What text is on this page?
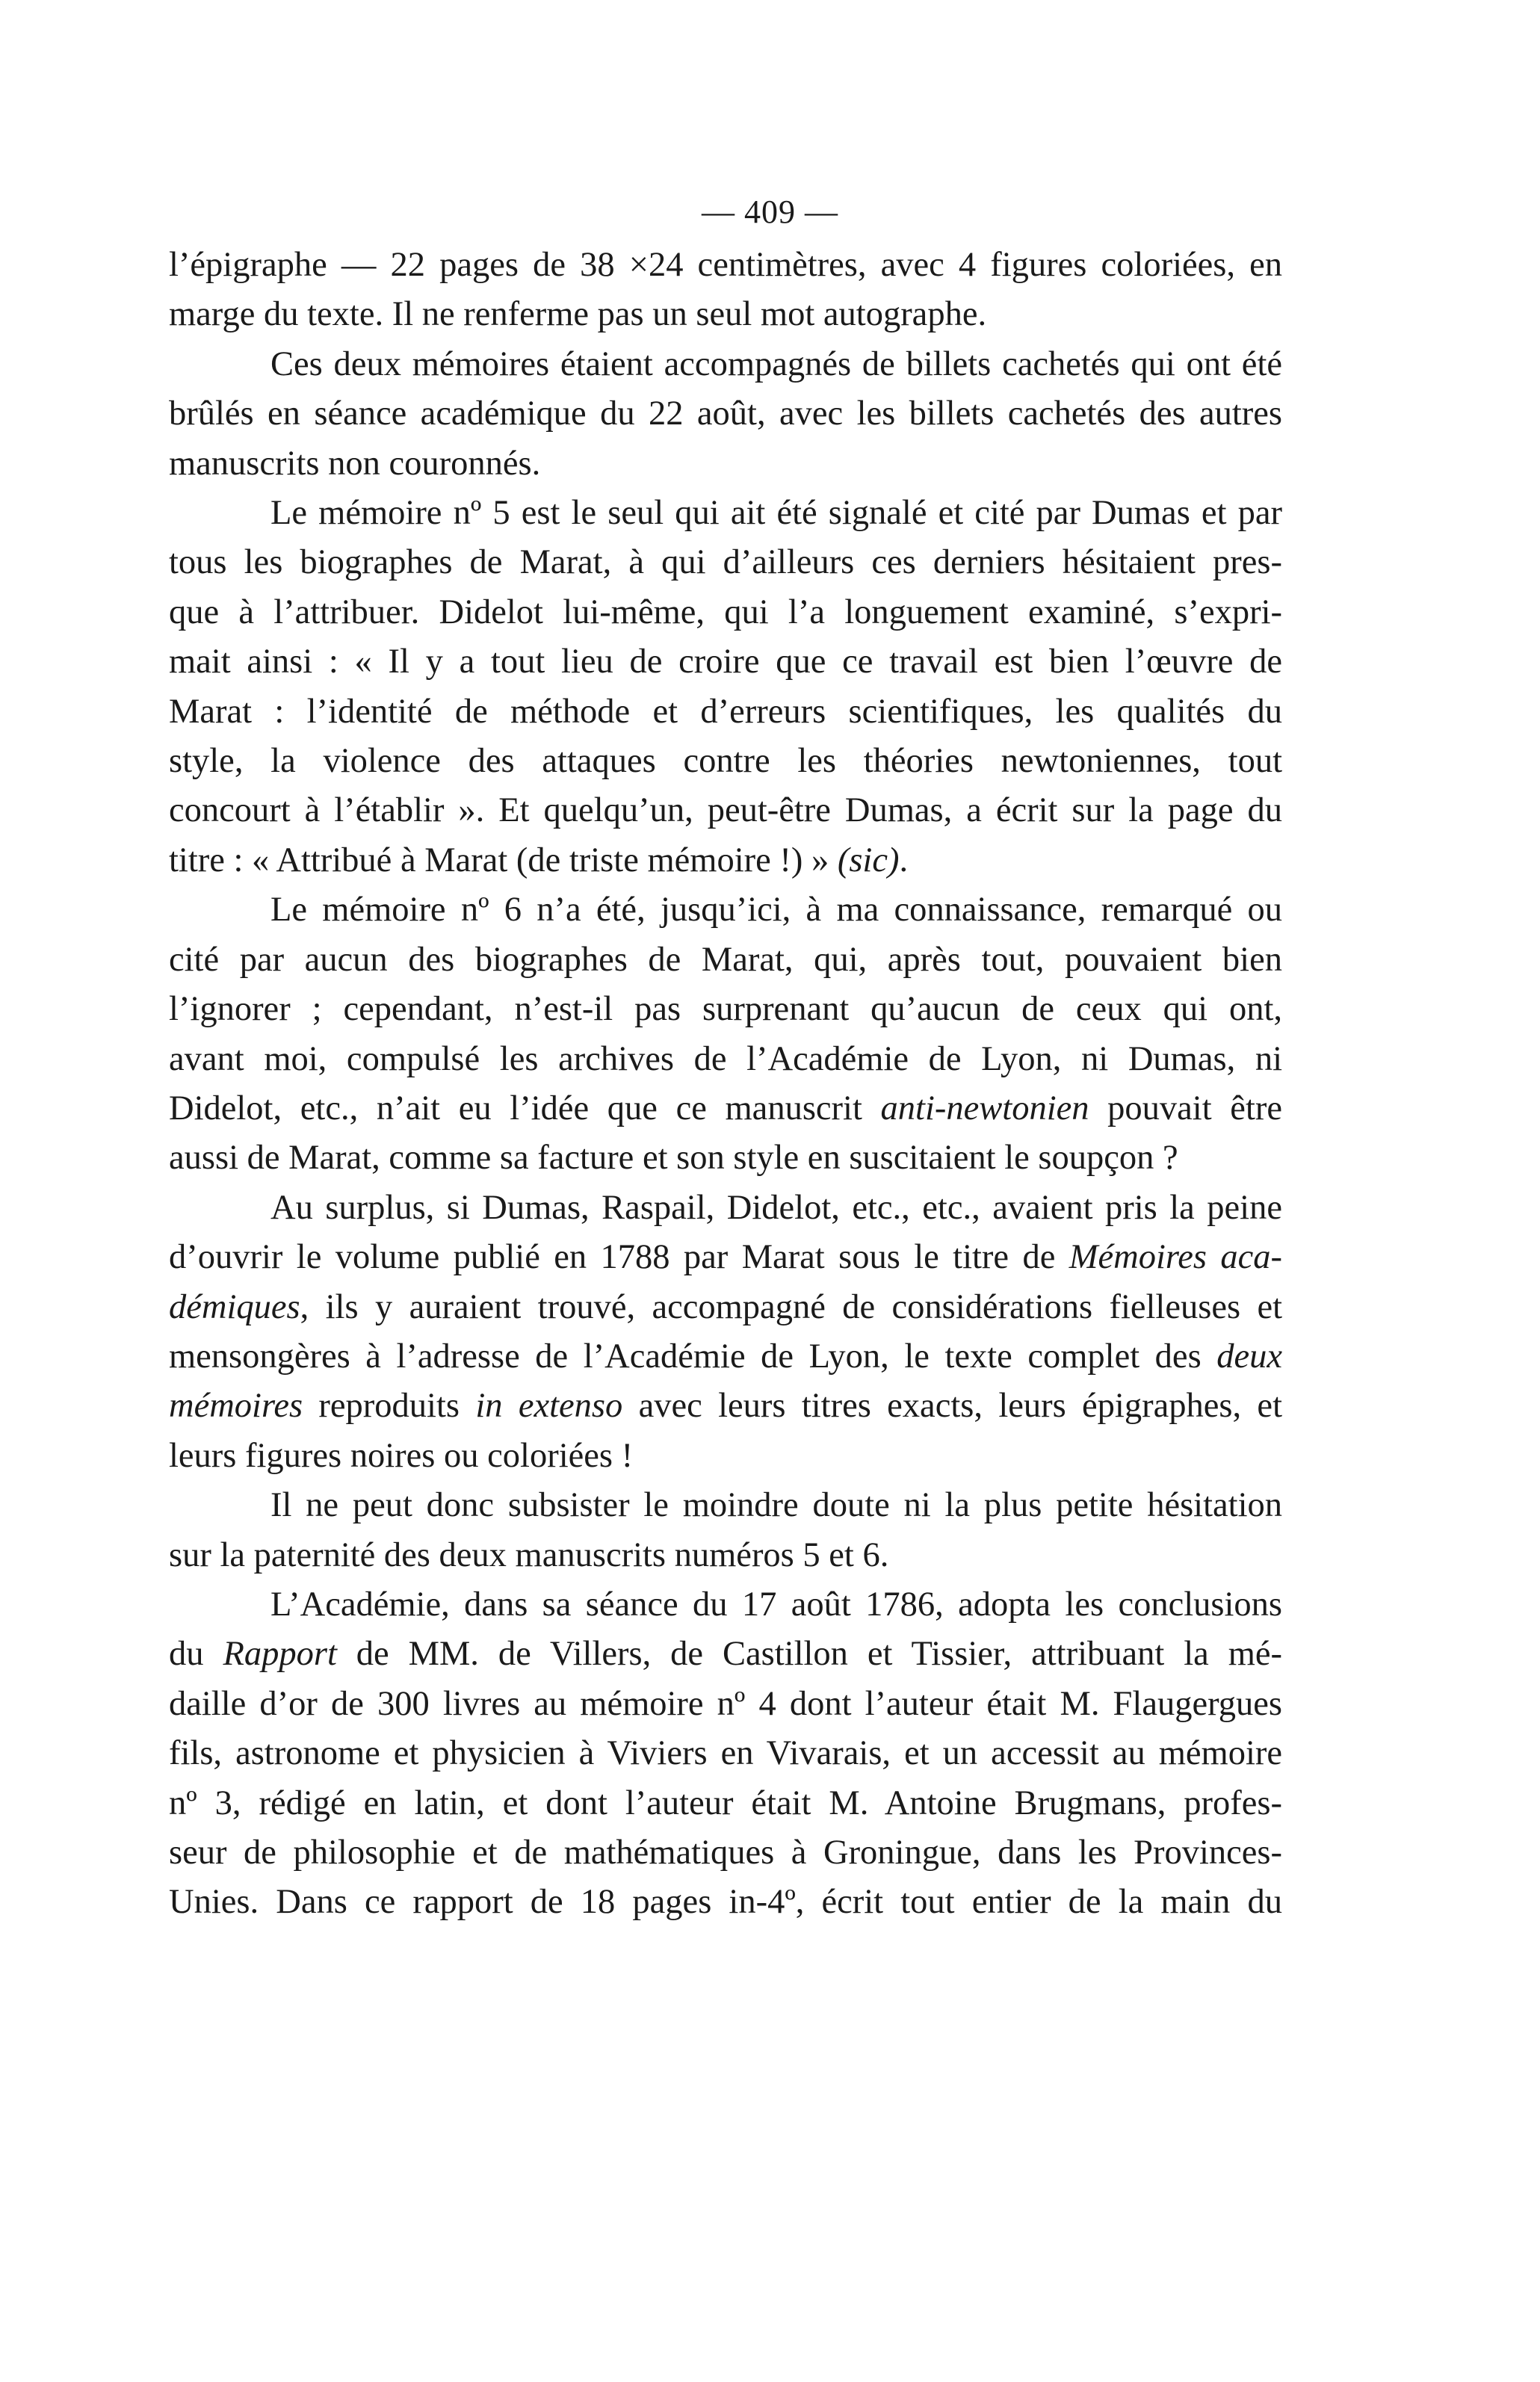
— 409 —

l’épigraphe — 22 pages de 38 ×24 centimètres, avec 4 figures coloriées, en
marge du texte. Il ne renferme pas un seul mot autographe.

Ces deux mémoires étaient accompagnés de billets cachetés qui ont été
brûlés en séance académique du 22 août, avec les billets cachetés des autres
manuscrits non couronnés.

Le mémoire nº 5 est le seul qui ait été signalé et cité par Dumas et par
tous les biographes de Marat, à qui d’ailleurs ces derniers hésitaient pres-
que à l’attribuer. Didelot lui-même, qui l’a longuement examiné, s’expri-
mait ainsi : « Il y a tout lieu de croire que ce travail est bien l’œuvre de
Marat : l’identité de méthode et d’erreurs scientifiques, les qualités du
style, la violence des attaques contre les théories newtoniennes, tout
concourt à l’établir ». Et quelqu’un, peut-être Dumas, a écrit sur la page du
titre : « Attribué à Marat (de triste mémoire !) » (sic).

Le mémoire nº 6 n’a été, jusqu’ici, à ma connaissance, remarqué ou
cité par aucun des biographes de Marat, qui, après tout, pouvaient bien
l’ignorer ; cependant, n’est-il pas surprenant qu’aucun de ceux qui ont,
avant moi, compulsé les archives de l’Académie de Lyon, ni Dumas, ni
Didelot, etc., n’ait eu l’idée que ce manuscrit anti-newtonien pouvait être
aussi de Marat, comme sa facture et son style en suscitaient le soupçon ?

Au surplus, si Dumas, Raspail, Didelot, etc., etc., avaient pris la peine
d’ouvrir le volume publié en 1788 par Marat sous le titre de Mémoires aca-
démiques, ils y auraient trouvé, accompagné de considérations fielleuses et
mensongères à l’adresse de l’Académie de Lyon, le texte complet des deux
mémoires reproduits in extenso avec leurs titres exacts, leurs épigraphes, et
leurs figures noires ou coloriées !

Il ne peut donc subsister le moindre doute ni la plus petite hésitation
sur la paternité des deux manuscrits numéros 5 et 6.

L’Académie, dans sa séance du 17 août 1786, adopta les conclusions
du Rapport de MM. de Villers, de Castillon et Tissier, attribuant la mé-
daille d’or de 300 livres au mémoire nº 4 dont l’auteur était M. Flaugergues
fils, astronome et physicien à Viviers en Vivarais, et un accessit au mémoire
nº 3, rédigé en latin, et dont l’auteur était M. Antoine Brugmans, profes-
seur de philosophie et de mathématiques à Groningue, dans les Provinces-
Unies. Dans ce rapport de 18 pages in-4º, écrit tout entier de la main du
